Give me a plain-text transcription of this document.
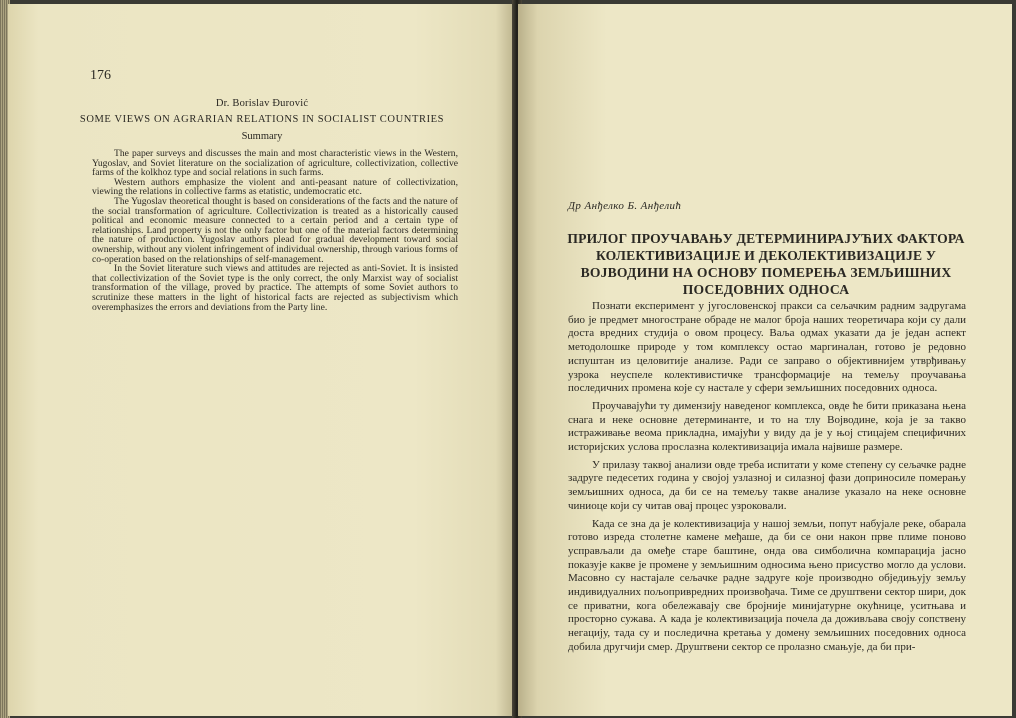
176
Dr. Borislav Đurović
SOME VIEWS ON AGRARIAN RELATIONS IN SOCIALIST COUNTRIES
Summary

The paper surveys and discusses the main and most characteristic views in the Western, Yugoslav, and Soviet literature on the socialization of agriculture, collectivization, collective farms of the kolkhoz type and social relations in such farms.

Western authors emphasize the violent and anti-peasant nature of collectivization, viewing the relations in collective farms as etatistic, undemocratic etc.

The Yugoslav theoretical thought is based on considerations of the facts and the nature of the social transformation of agriculture. Collectivization is treated as a historically caused political and economic measure connected to a certain period and a certain type of relationships. Land property is not the only factor but one of the material factors determining the nature of production. Yugoslav authors plead for gradual development toward social ownership, without any violent infringement of individual ownership, through various forms of co-operation based on the relationships of self-management.

In the Soviet literature such views and attitudes are rejected as anti-Soviet. It is insisted that collectivization of the Soviet type is the only correct, the only Marxist way of socialist transformation of the village, proved by practice. The attempts of some Soviet authors to scrutinize these matters in the light of historical facts are rejected as subjectivism which overemphasizes the errors and deviations from the Party line.

Др Анђелко Б. Анђелић
ПРИЛОГ ПРОУЧАВАЊУ ДЕТЕРМИНИРАЈУЋИХ ФАКТОРА
КОЛЕКТИВИЗАЦИЈЕ И ДЕКОЛЕКТИВИЗАЦИЈЕ У
ВОЈВОДИНИ НА ОСНОВУ ПОМЕРЕЊА ЗЕМЉИШНИХ
ПОСЕДОВНИХ ОДНОСА

Познати експеримент у југословенској пракси са сељачким радним задругама био је предмет многостране обраде не малог броја наших теоретичара који су дали доста вредних студија о овом процесу. Ваља одмах указати да је један аспект методолошке природе у том комплексу остао маргиналан, готово је редовно испуштан из целовитије анализе. Ради се заправо о објективнијем утврђивању узрока неуспеле колективистичке трансформације на темељу проучавања последичних промена које су настале у сфери земљишних поседовних односа.

Проучавајући ту димензију наведеног комплекса, овде ће бити приказана њена снага и неке основне детерминанте, и то на тлу Војводине, која је за такво истраживање веома прикладна, имајући у виду да је у њој стицајем специфичних историјских услова прослазна колективизација имала највише размере.

У прилазу таквој анализи овде треба испитати у коме степену су сељачке радне задруге педесетих година у својој узлазној и силазној фази доприносиле померању земљишних односа, да би се на темељу такве анализе указало на неке основне чиниоце који су читав овај процес узроковали.

Када се зна да је колективизација у нашој земљи, попут набујале реке, обарала готово изреда столетне камене међаше, да би се они након прве плиме поново усправљали да омеђе старе баштине, онда ова симболична компарација јасно показује какве је промене у земљишним односима њено присуство могло да услови. Масовно су настајале сељачке радне задруге које производно обједињују земљу индивидуалних пољопривредних произвођача. Тиме се друштвени сектор шири, док се приватни, кога обележавају све бројније минијатурне окућнице, уситњава и просторно сужава. А када је колективизација почела да доживљава своју сопствену негацију, тада су и последична кретања у домену земљишних поседовних односа добила другчији смер. Друштвени сектор се пролазно смањује, да би при-
